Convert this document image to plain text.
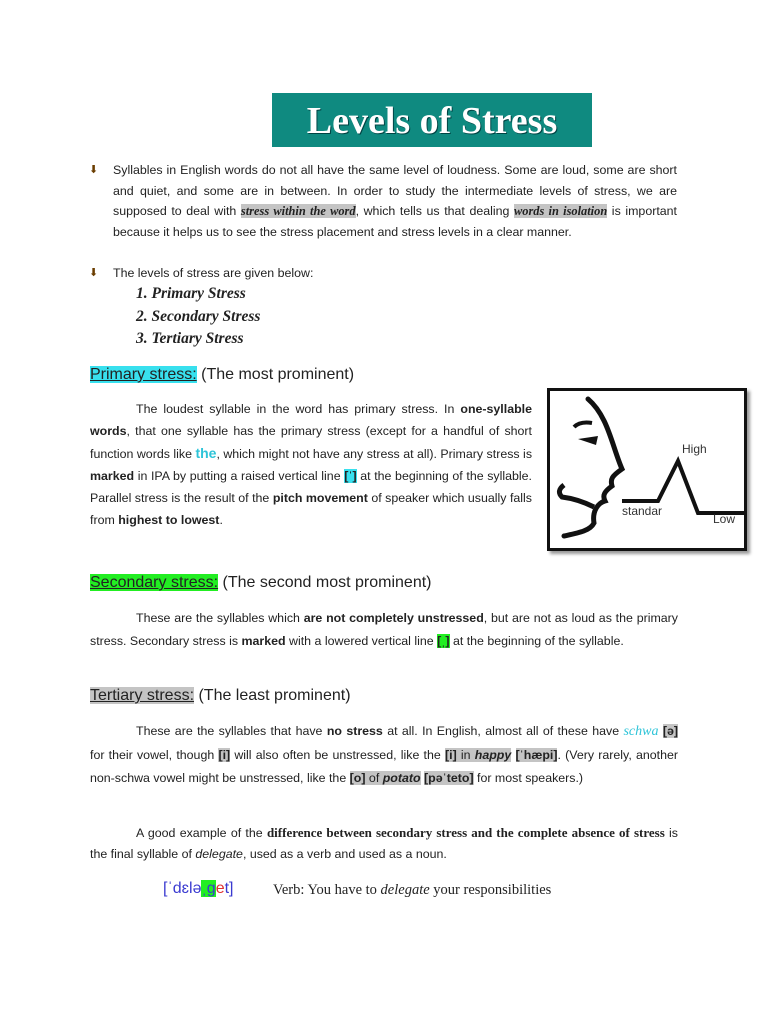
Levels of Stress
⬇ Syllables in English words do not all have the same level of loudness. Some are loud, some are short and quiet, and some are in between. In order to study the intermediate levels of stress, we are supposed to deal with stress within the word, which tells us that dealing words in isolation is important because it helps us to see the stress placement and stress levels in a clear manner.
⬇ The levels of stress are given below:
1. Primary Stress
2. Secondary Stress
3. Tertiary Stress
Primary stress: (The most prominent)
The loudest syllable in the word has primary stress. In one-syllable words, that one syllable has the primary stress (except for a handful of short function words like the, which might not have any stress at all). Primary stress is marked in IPA by putting a raised vertical line [ˈ] at the beginning of the syllable. Parallel stress is the result of the pitch movement of speaker which usually falls from highest to lowest.
High
standar
Low
Secondary stress: (The second most prominent)
These are the syllables which are not completely unstressed, but are not as loud as the primary stress. Secondary stress is marked with a lowered vertical line [ˌ] at the beginning of the syllable.
Tertiary stress: (The least prominent)
These are the syllables that have no stress at all. In English, almost all of these have schwa [ə] for their vowel, though [i] will also often be unstressed, like the [i] in happy [ˈhæpi]. (Very rarely, another non-schwa vowel might be unstressed, like the [o] of potato [pəˈteto] for most speakers.)
A good example of the difference between secondary stress and the complete absence of stress is the final syllable of delegate, used as a verb and used as a noun.
[ˈdɛləˌget]	Verb: You have to delegate your responsibilities
